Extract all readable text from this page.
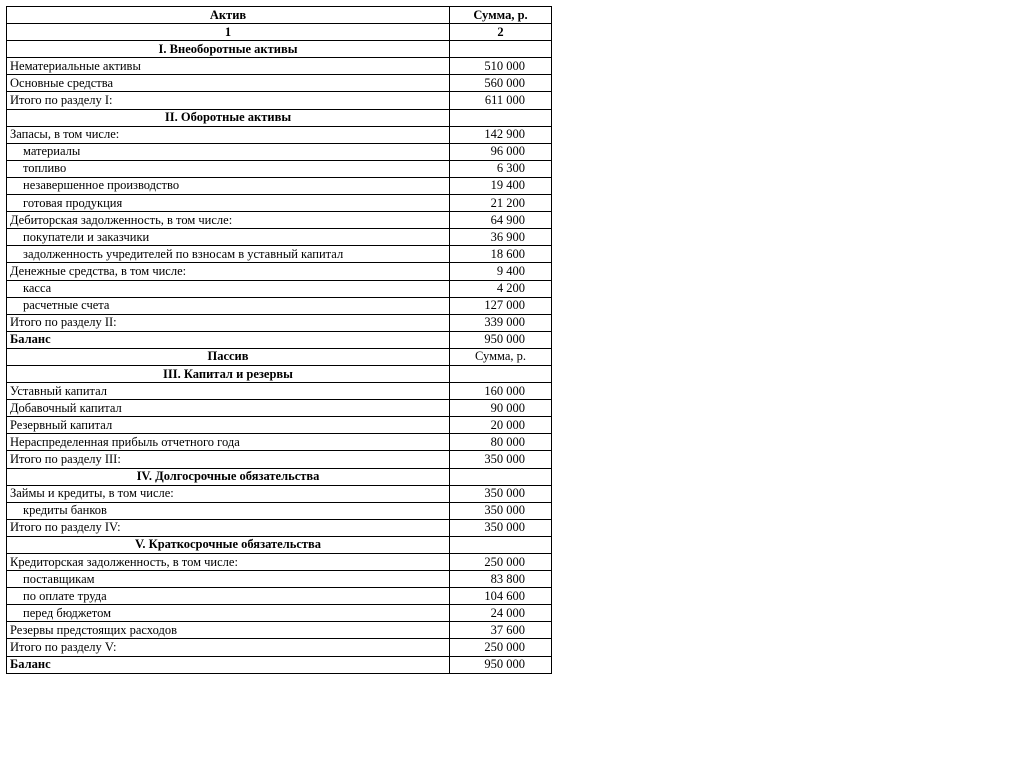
Актив	Сумма, р.
1	2
I. Внеоборотные активы	
Нематериальные активы	510 000
Основные средства	560 000
Итого по разделу I:	611 000
II. Оборотные активы	
Запасы, в том числе:	142 900
материалы	96 000
топливо	6 300
незавершенное производство	19 400
готовая продукция	21 200
Дебиторская задолженность, в том числе:	64 900
покупатели и заказчики	36 900
задолженность учредителей по взносам в уставный капитал	18 600
Денежные средства, в том числе:	9 400
касса	4 200
расчетные счета	127 000
Итого по разделу II:	339 000
Баланс	950 000
Пассив	Сумма, р.
III. Капитал и резервы	
Уставный капитал	160 000
Добавочный капитал	90 000
Резервный капитал	20 000
Нераспределенная прибыль отчетного года	80 000
Итого по разделу III:	350 000
IV. Долгосрочные обязательства	
Займы и кредиты, в том числе:	350 000
кредиты банков	350 000
Итого по разделу IV:	350 000
V. Краткосрочные обязательства	
Кредиторская задолженность, в том числе:	250 000
поставщикам	83 800
по оплате труда	104 600
перед бюджетом	24 000
Резервы предстоящих расходов	37 600
Итого по разделу V:	250 000
Баланс	950 000
